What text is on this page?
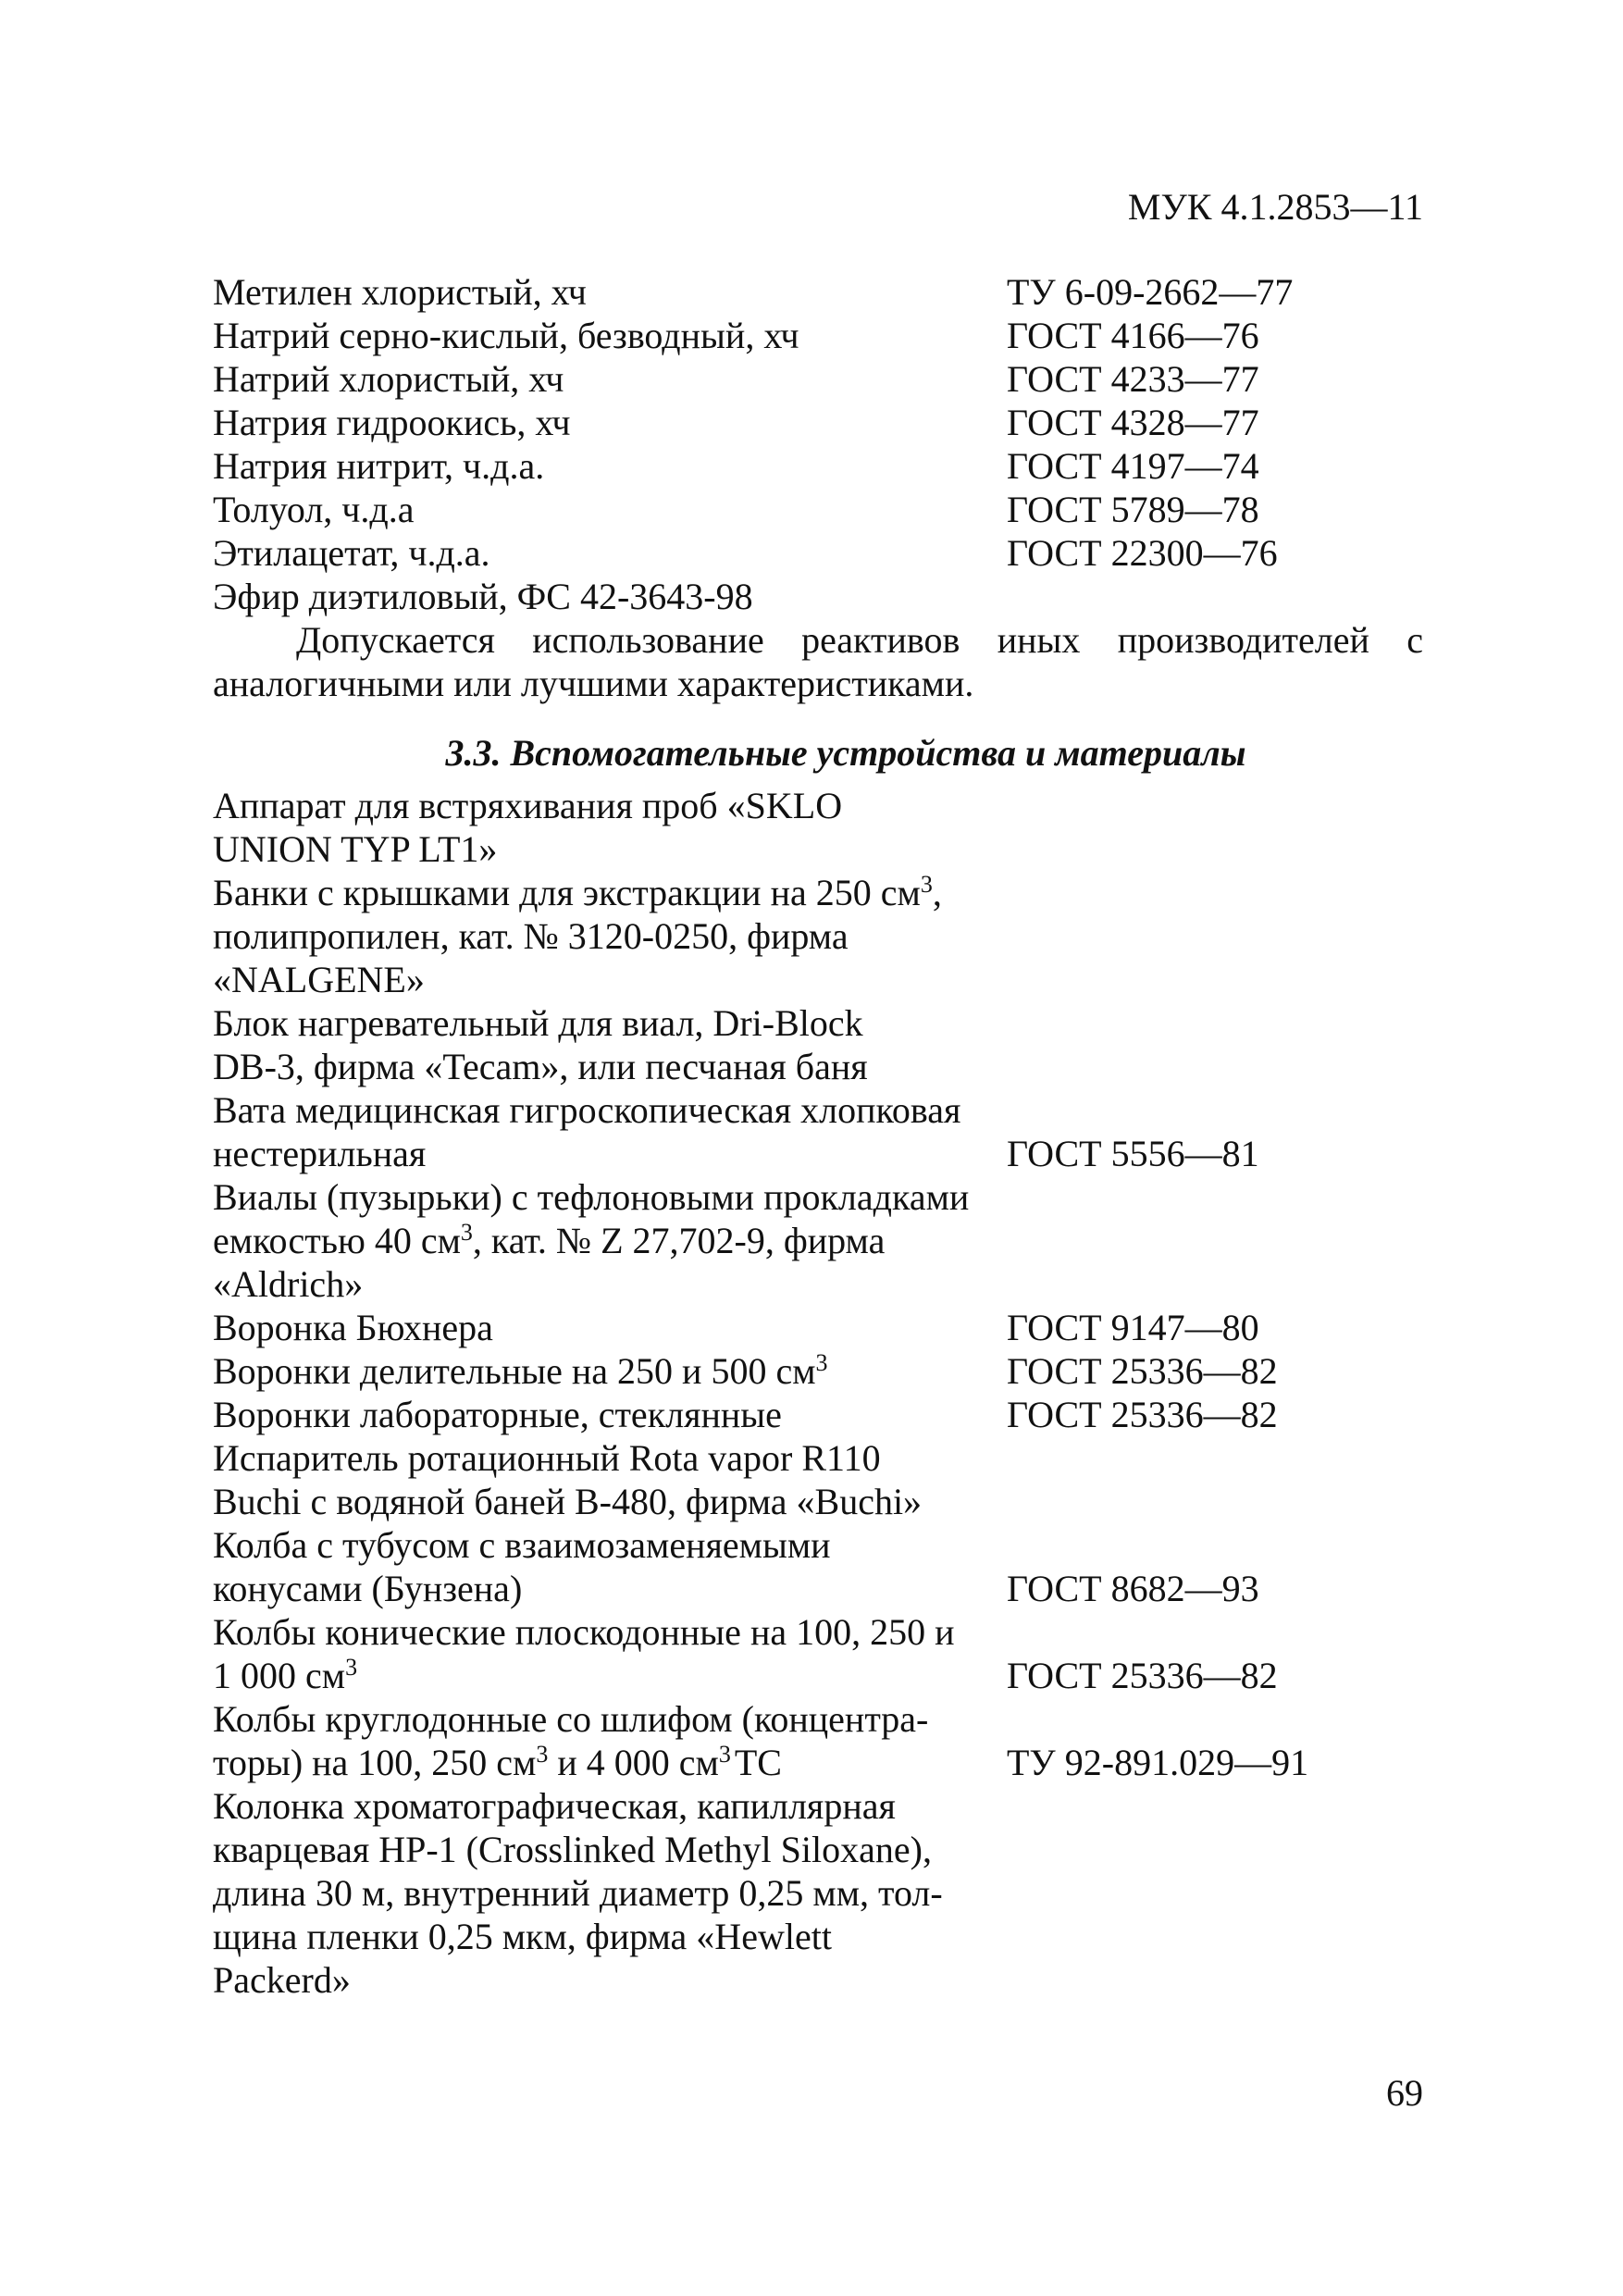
МУК 4.1.2853—11
Метилен хлористый, хч	ТУ 6-09-2662—77
Натрий серно-кислый, безводный, хч	ГОСТ 4166—76
Натрий хлористый, хч	ГОСТ 4233—77
Натрия гидроокись, хч	ГОСТ 4328—77
Натрия нитрит, ч.д.а.	ГОСТ 4197—74
Толуол, ч.д.а	ГОСТ 5789—78
Этилацетат, ч.д.а.	ГОСТ 22300—76
Эфир диэтиловый, ФС 42-3643-98

Допускается использование реактивов иных производителей с аналогичными или лучшими характеристиками.

3.3. Вспомогательные устройства и материалы
Аппарат для встряхивания проб «SKLO
UNION TYP LT1»
Банки с крышками для экстракции на 250 $см^3$,
полипропилен, кат. № 3120-0250, фирма
«NALGENE»
Блок нагревательный для виал, Dri-Block
DB-3, фирма «Tecam», или песчаная баня
Вата медицинская гигроскопическая хлопковая
нестерильная	ГОСТ 5556—81
Виалы (пузырьки) с тефлоновыми прокладками
емкостью 40 $см^3$, кат. № Z 27,702-9, фирма
«Aldrich»
Воронка Бюхнера	ГОСТ 9147—80
Воронки делительные на 250 и 500 $см^3$	ГОСТ 25336—82
Воронки лабораторные, стеклянные	ГОСТ 25336—82
Испаритель ротационный Rota vapor R110
Buchi с водяной баней B-480, фирма «Buchi»
Колба с тубусом с взаимозаменяемыми
конусами (Бунзена)	ГОСТ 8682—93
Колбы конические плоскодонные на 100, 250 и
1 000 $см^3$	ГОСТ 25336—82
Колбы круглодонные со шлифом (концентра-
торы) на 100, 250 $см^3$ и 4 000 $см^3$ ТС	ТУ 92-891.029—91
Колонка хроматографическая, капиллярная
кварцевая HP-1 (Crosslinked Methyl Siloxane),
длина 30 м, внутренний диаметр 0,25 мм, тол-
щина пленки 0,25 мкм, фирма «Hewlett
Packerd»
69
